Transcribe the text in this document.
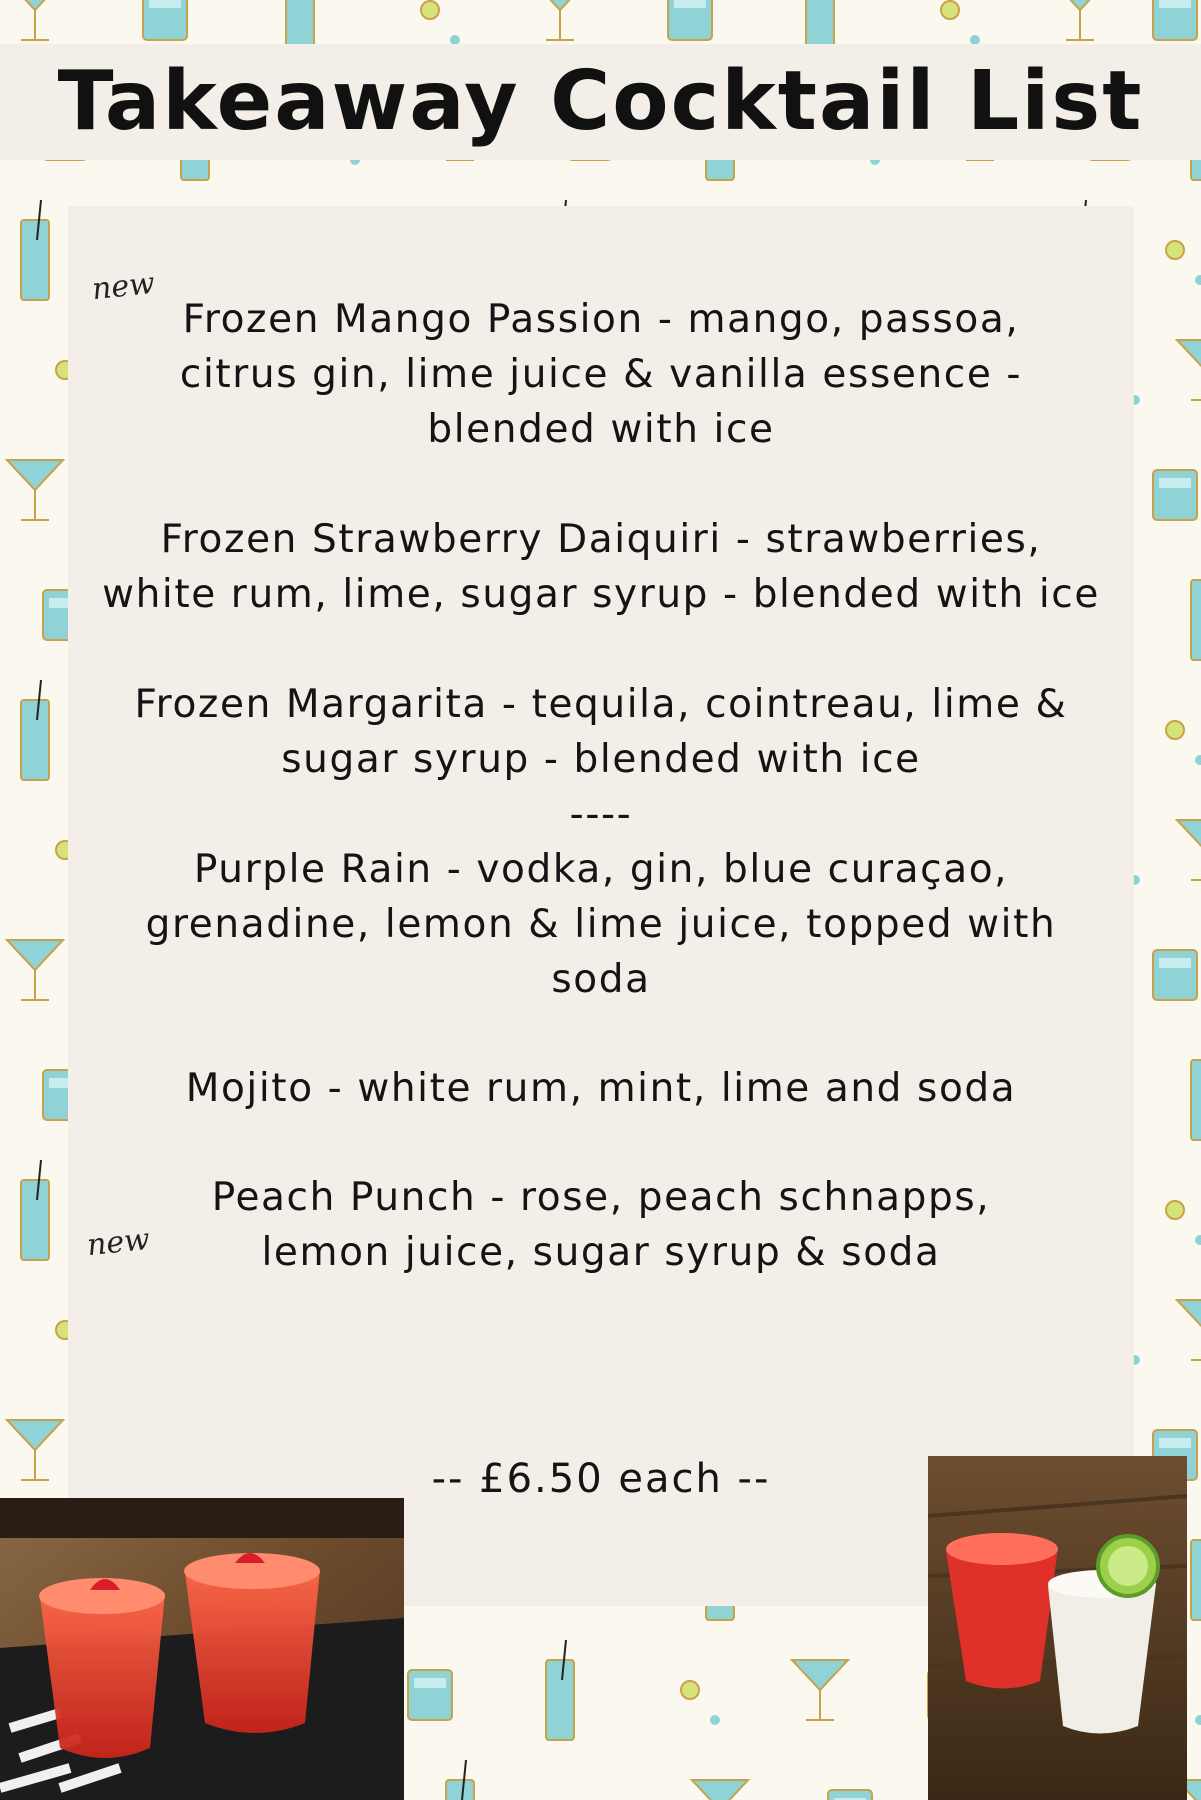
Takeaway Cocktail List
new
new
Frozen Mango Passion - mango, passoa, citrus gin, lime juice & vanilla essence - blended with ice
Frozen Strawberry Daiquiri - strawberries, white rum, lime, sugar syrup - blended with ice
Frozen Margarita - tequila, cointreau, lime & sugar syrup - blended with ice
----
Purple Rain - vodka, gin, blue curaçao, grenadine, lemon & lime juice, topped with soda
Mojito - white rum, mint, lime and soda
Peach Punch - rose, peach schnapps, lemon juice, sugar syrup & soda
-- £6.50 each --
